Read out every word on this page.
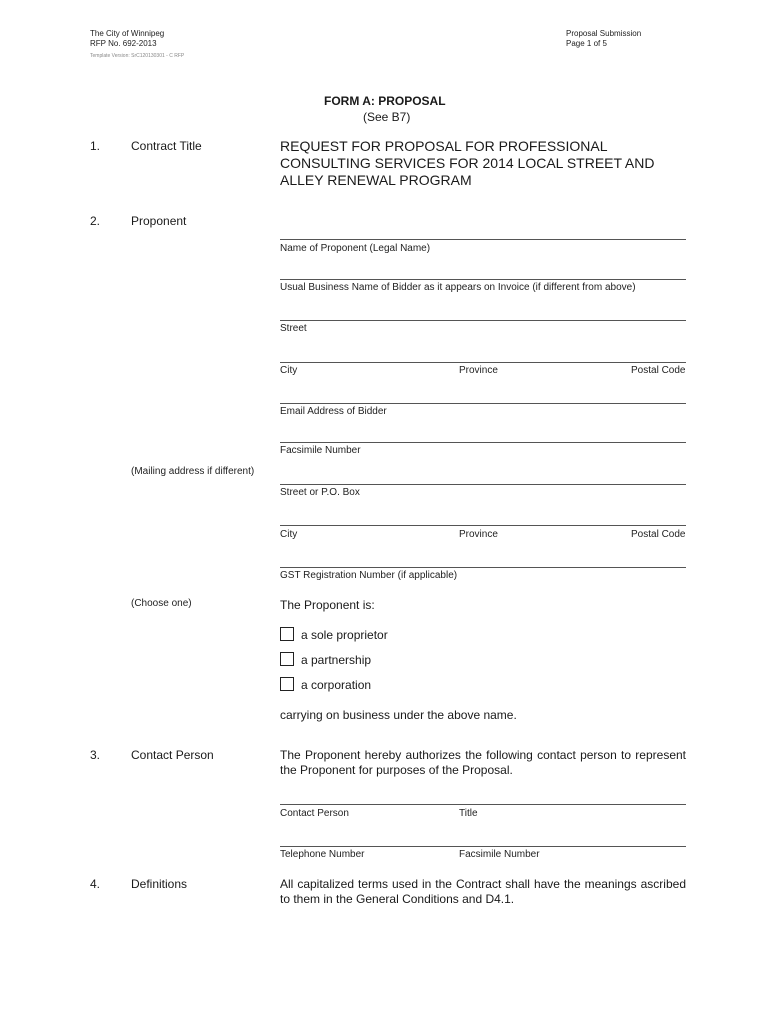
The City of Winnipeg
RFP No. 692-2013
Template Version: SrC120130301 - C RFP
Proposal Submission
Page 1 of 5
FORM A: PROPOSAL
(See B7)
1.	Contract Title	REQUEST FOR PROPOSAL FOR PROFESSIONAL CONSULTING SERVICES FOR 2014 LOCAL STREET AND ALLEY RENEWAL PROGRAM
2.	Proponent
Name of Proponent (Legal Name)
Usual Business Name of Bidder as it appears on Invoice (if different from above)
Street
City	Province	Postal Code
Email Address of Bidder
Facsimile Number
(Mailing address if different)
Street or P.O. Box
City	Province	Postal Code
GST Registration Number (if applicable)
(Choose one)	The Proponent is:
a sole proprietor
a partnership
a corporation
carrying on business under the above name.
3.	Contact Person	The Proponent hereby authorizes the following contact person to represent the Proponent for purposes of the Proposal.
Contact Person	Title
Telephone Number	Facsimile Number
4.	Definitions	All capitalized terms used in the Contract shall have the meanings ascribed to them in the General Conditions and D4.1.
